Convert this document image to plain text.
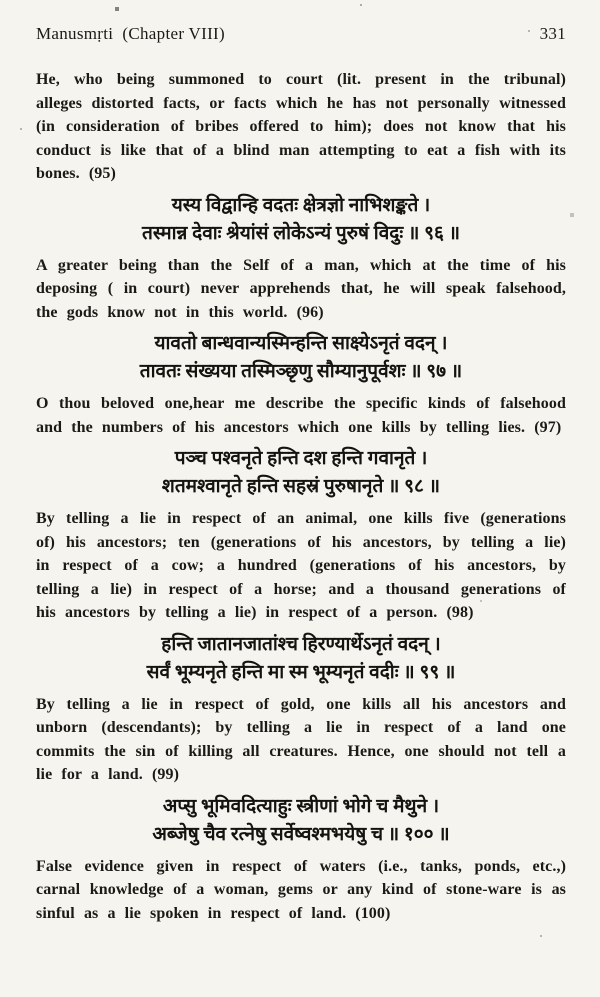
Manusmṛti  (Chapter VIII)	331

He, who being summoned to court (lit. present in the tribunal) alleges distorted facts, or facts which he has not personally witnessed (in consideration of bribes offered to him); does not know that his conduct is like that of a blind man attempting to eat a fish with its bones. (95)

यस्य विद्वान्हि वदतः क्षेत्रज्ञो नाभिशङ्कते ।
तस्मान्न देवाः श्रेयांसं लोकेऽन्यं पुरुषं विदुः ॥ ९६ ॥

A greater being than the Self of a man, which at the time of his deposing ( in court) never apprehends that, he will speak falsehood, the gods know not in this world. (96)

यावतो बान्धवान्यस्मिन्हन्ति साक्ष्येऽनृतं वदन् ।
तावतः संख्यया तस्मिञ्छृणु सौम्यानुपूर्वशः ॥ ९७ ॥

O thou beloved one,hear me describe the specific kinds of falsehood and the numbers of his ancestors which one kills by telling lies. (97)

पञ्च पश्वनृते हन्ति दश हन्ति गवानृते ।
शतमश्वानृते हन्ति सहस्रं पुरुषानृते ॥ ९८ ॥

By telling a lie in respect of an animal, one kills five (generations of) his ancestors; ten (generations of his ancestors, by telling a lie) in respect of a cow; a hundred (generations of his ancestors, by telling a lie) in respect of a horse; and a thousand generations of his ancestors by telling a lie) in respect of a person. (98)

हन्ति जातानजातांश्च हिरण्यार्थेऽनृतं वदन् ।
सर्वं भूम्यनृते हन्ति मा स्म भूम्यनृतं वदीः ॥ ९९ ॥

By telling a lie in respect of gold, one kills all his ancestors and unborn (descendants); by telling a lie in respect of a land one commits the sin of killing all creatures. Hence, one should not tell a lie for a land. (99)

अप्सु भूमिवदित्याहुः स्त्रीणां भोगे च मैथुने ।
अब्जेषु चैव रत्नेषु सर्वेष्वश्मभयेषु च ॥ १०० ॥

False evidence given in respect of waters (i.e., tanks, ponds, etc.,) carnal knowledge of a woman, gems or any kind of stone-ware is as sinful as a lie spoken in respect of land. (100)
